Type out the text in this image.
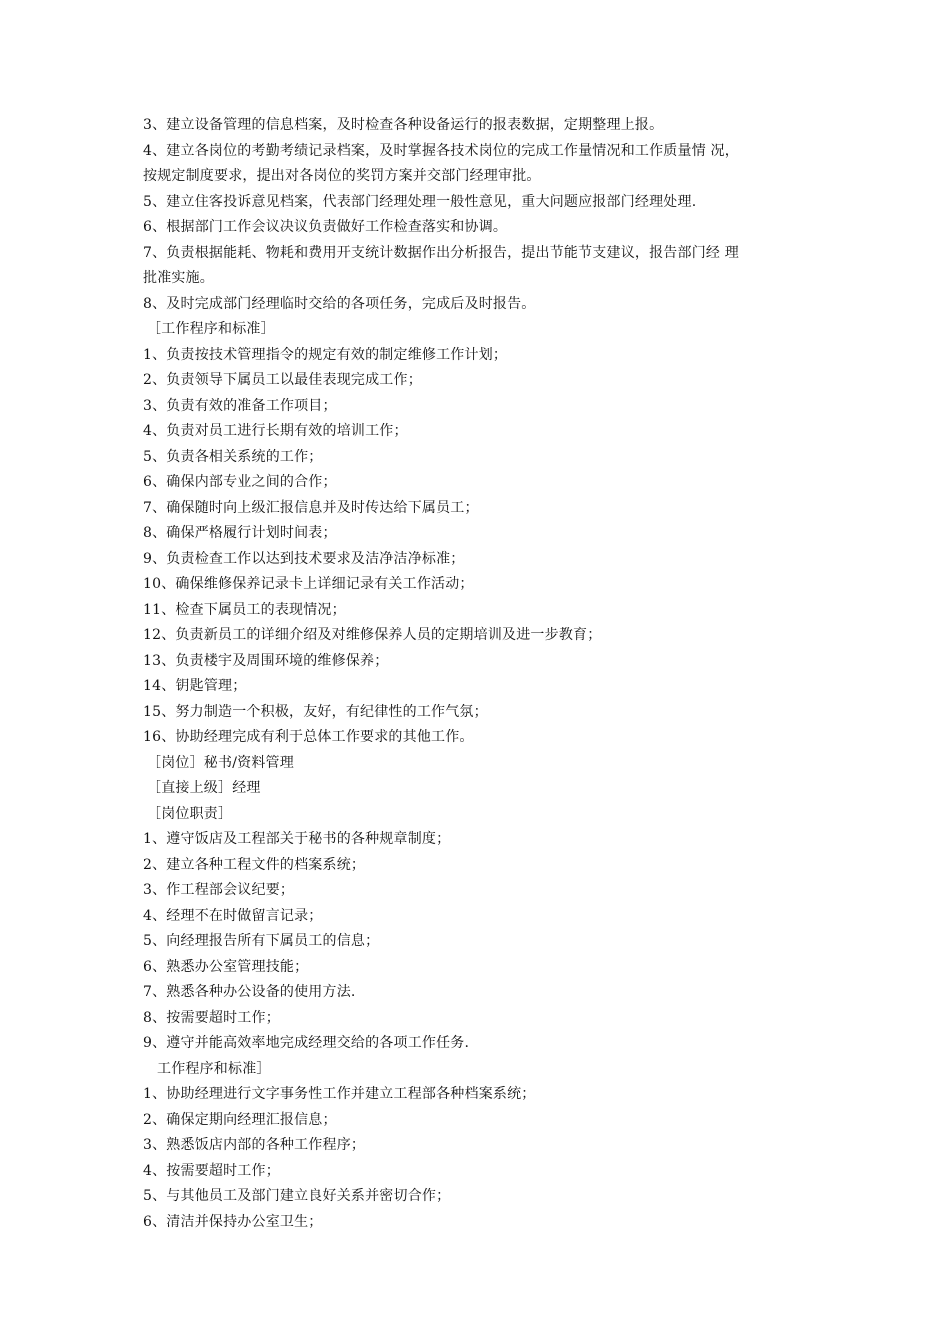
3、建立设备管理的信息档案，及时检查各种设备运行的报表数据，定期整理上报。
4、建立各岗位的考勤考绩记录档案，及时掌握各技术岗位的完成工作量情况和工作质量情 况，
按规定制度要求，提出对各岗位的奖罚方案并交部门经理审批。
5、建立住客投诉意见档案，代表部门经理处理一般性意见，重大问题应报部门经理处理.
6、根据部门工作会议决议负责做好工作检查落实和协调。
7、负责根据能耗、物耗和费用开支统计数据作出分析报告，提出节能节支建议，报告部门经 理
批准实施。
8、及时完成部门经理临时交给的各项任务，完成后及时报告。
［工作程序和标准］
1、负责按技术管理指令的规定有效的制定维修工作计划；
2、负责领导下属员工以最佳表现完成工作；
3、负责有效的准备工作项目；
4、负责对员工进行长期有效的培训工作；
5、负责各相关系统的工作；
6、确保内部专业之间的合作；
7、确保随时向上级汇报信息并及时传达给下属员工；
8、确保严格履行计划时间表；
9、负责检查工作以达到技术要求及洁净洁净标准；
10、确保维修保养记录卡上详细记录有关工作活动；
11、检查下属员工的表现情况；
12、负责新员工的详细介绍及对维修保养人员的定期培训及进一步教育；
13、负责楼宇及周围环境的维修保养；
14、钥匙管理；
15、努力制造一个积极，友好，有纪律性的工作气氛；
16、协助经理完成有利于总体工作要求的其他工作。
［岗位］秘书/资料管理
［直接上级］经理
［岗位职责］
1、遵守饭店及工程部关于秘书的各种规章制度；
2、建立各种工程文件的档案系统；
3、作工程部会议纪要；
4、经理不在时做留言记录；
5、向经理报告所有下属员工的信息；
6、熟悉办公室管理技能；
7、熟悉各种办公设备的使用方法.
8、按需要超时工作；
9、遵守并能高效率地完成经理交给的各项工作任务.
工作程序和标准］
1、协助经理进行文字事务性工作并建立工程部各种档案系统；
2、确保定期向经理汇报信息；
3、熟悉饭店内部的各种工作程序；
4、按需要超时工作；
5、与其他员工及部门建立良好关系并密切合作；
6、清洁并保持办公室卫生；
